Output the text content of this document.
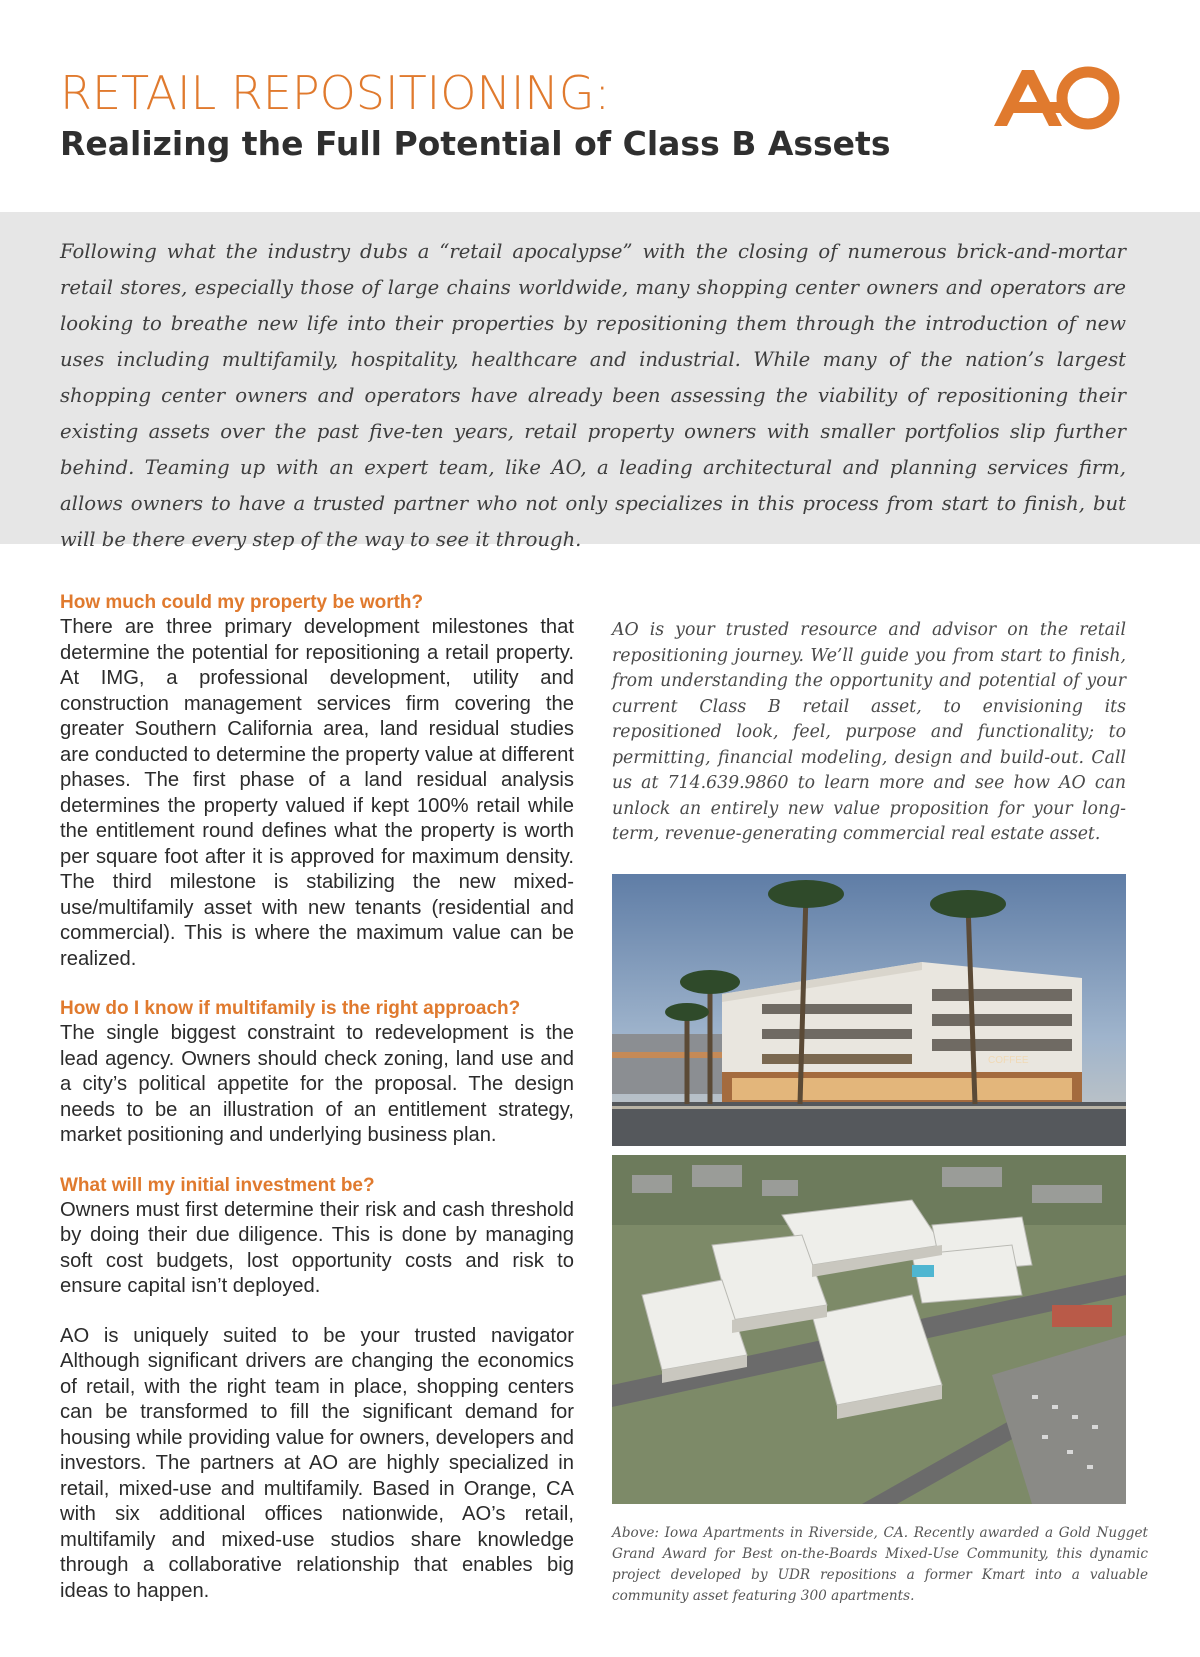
RETAIL REPOSITIONING:
Realizing the Full Potential of Class B Assets

Following what the industry dubs a “retail apocalypse” with the closing of numerous brick-and-mortar retail stores, especially those of large chains worldwide, many shopping center owners and operators are looking to breathe new life into their properties by repositioning them through the introduction of new uses including multifamily, hospitality, healthcare and industrial. While many of the nation’s largest shopping center owners and operators have already been assessing the viability of repositioning their existing assets over the past five-ten years, retail property owners with smaller portfolios slip further behind. Teaming up with an expert team, like AO, a leading architectural and planning services firm, allows owners to have a trusted partner who not only specializes in this process from start to finish, but will be there every step of the way to see it through.

How much could my property be worth?

There are three primary development milestones that determine the potential for repositioning a retail property. At IMG, a professional development, utility and construction management services firm covering the greater Southern California area, land residual studies are conducted to determine the property value at different phases. The first phase of a land residual analysis determines the property valued if kept 100% retail while the entitlement round defines what the property is worth per square foot after it is approved for maximum density. The third milestone is stabilizing the new mixed-use/multifamily asset with new tenants (residential and commercial). This is where the maximum value can be realized.

How do I know if multifamily is the right approach?

The single biggest constraint to redevelopment is the lead agency. Owners should check zoning, land use and a city’s political appetite for the proposal. The design needs to be an illustration of an entitlement strategy, market positioning and underlying business plan.

What will my initial investment be?

Owners must first determine their risk and cash threshold by doing their due diligence. This is done by managing soft cost budgets, lost opportunity costs and risk to ensure capital isn’t deployed.

AO is uniquely suited to be your trusted navigator Although significant drivers are changing the economics of retail, with the right team in place, shopping centers can be transformed to fill the significant demand for housing while providing value for owners, developers and investors. The partners at AO are highly specialized in retail, mixed-use and multifamily. Based in Orange, CA with six additional offices nationwide, AO’s retail, multifamily and mixed-use studios share knowledge through a collaborative relationship that enables big ideas to happen.

AO is your trusted resource and advisor on the retail repositioning journey. We’ll guide you from start to finish, from understanding the opportunity and potential of your current Class B retail asset, to envisioning its repositioned look, feel, purpose and functionality; to permitting, financial modeling, design and build-out. Call us at 714.639.9860 to learn more and see how AO can unlock an entirely new value proposition for your long-term, revenue-generating commercial real estate asset.

COFFEE

Above: Iowa Apartments in Riverside, CA. Recently awarded a Gold Nugget Grand Award for Best on-the-Boards Mixed-Use Community, this dynamic project developed by UDR repositions a former Kmart into a valuable community asset featuring 300 apartments.
